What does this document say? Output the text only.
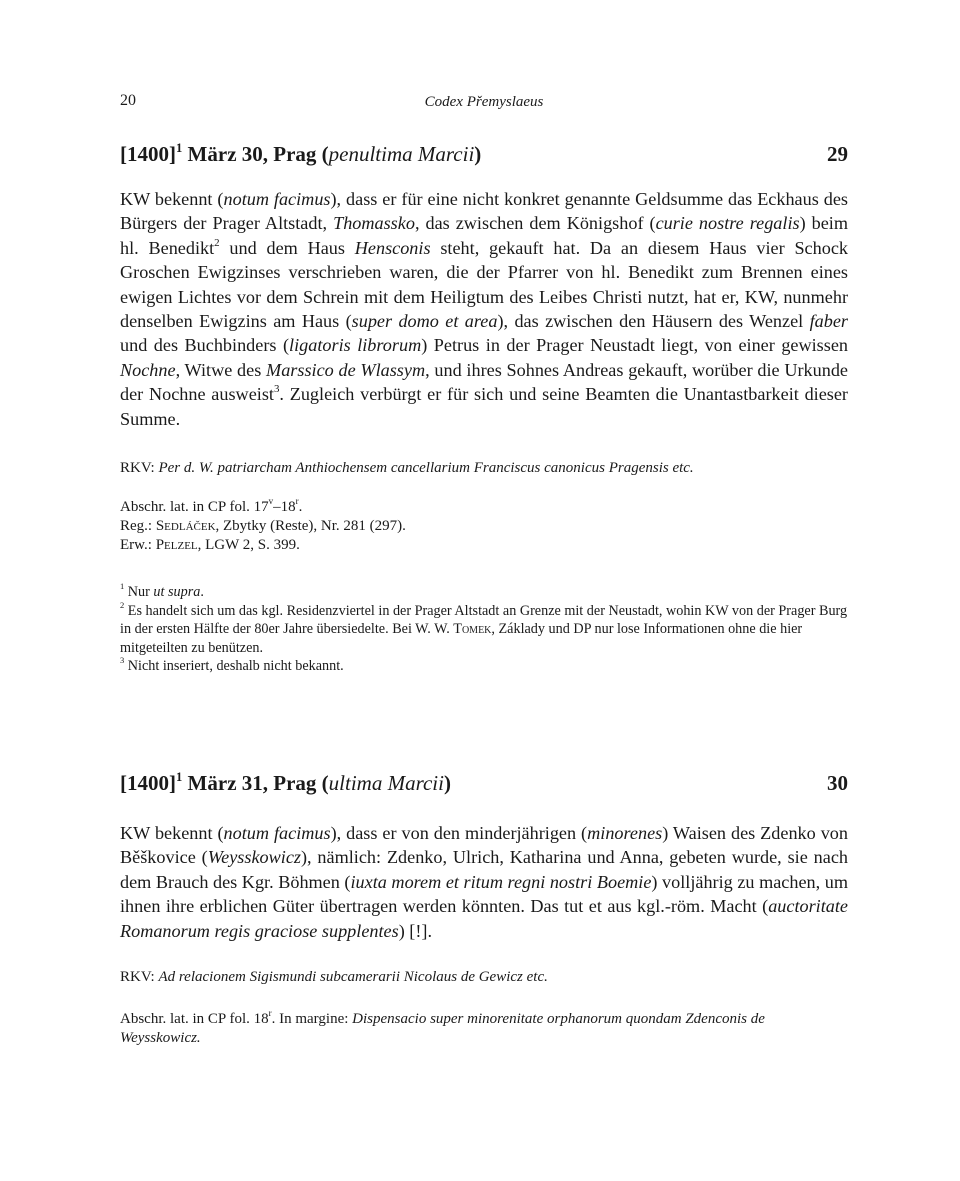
20	Codex Přemyslaeus
$[1400]^1$ März 30, Prag (penultima Marcii)	29
KW bekennt (notum facimus), dass er für eine nicht konkret genannte Geldsumme das Eckhaus des Bürgers der Prager Altstadt, Thomassko, das zwischen dem Königshof (curie nostre regalis) beim hl. Benedikt$^2$ und dem Haus Hensconis steht, gekauft hat. Da an diesem Haus vier Schock Groschen Ewigzinses verschrieben waren, die der Pfarrer von hl. Benedikt zum Brennen eines ewigen Lichtes vor dem Schrein mit dem Heiligtum des Leibes Christi nutzt, hat er, KW, nunmehr denselben Ewigzins am Haus (super domo et area), das zwischen den Häusern des Wenzel faber und des Buchbinders (ligatoris librorum) Petrus in der Prager Neustadt liegt, von einer gewissen Nochne, Witwe des Marssico de Wlassym, und ihres Sohnes Andreas gekauft, worüber die Urkunde der Nochne ausweist$^3$. Zugleich verbürgt er für sich und seine Beamten die Unantastbarkeit dieser Summe.
RKV: Per d. W. patriarcham Anthiochensem cancellarium Franciscus canonicus Pragensis etc.
Abschr. lat. in CP fol. 17$^v$–18$^r$.
Reg.: Sedláček, Zbytky (Reste), Nr. 281 (297).
Erw.: Pelzel, LGW 2, S. 399.
$^1$ Nur ut supra.
$^2$ Es handelt sich um das kgl. Residenzviertel in der Prager Altstadt an Grenze mit der Neustadt, wohin KW von der Prager Burg in der ersten Hälfte der 80er Jahre übersiedelte. Bei W. W. Tomek, Základy und DP nur lose Informationen ohne die hier mitgeteilten zu benützen.
$^3$ Nicht inseriert, deshalb nicht bekannt.
$[1400]^1$ März 31, Prag (ultima Marcii)	30
KW bekennt (notum facimus), dass er von den minderjährigen (minorenes) Waisen des Zdenko von Běškovice (Weysskowicz), nämlich: Zdenko, Ulrich, Katharina und Anna, gebeten wurde, sie nach dem Brauch des Kgr. Böhmen (iuxta morem et ritum regni nostri Boemie) volljährig zu machen, um ihnen ihre erblichen Güter übertragen werden könnten. Das tut et aus kgl.-röm. Macht (auctoritate Romanorum regis graciose supplentes) [!].
RKV: Ad relacionem Sigismundi subcamerarii Nicolaus de Gewicz etc.
Abschr. lat. in CP fol. 18$^r$. In margine: Dispensacio super minorenitate orphanorum quondam Zdenconis de Weysskowicz.
